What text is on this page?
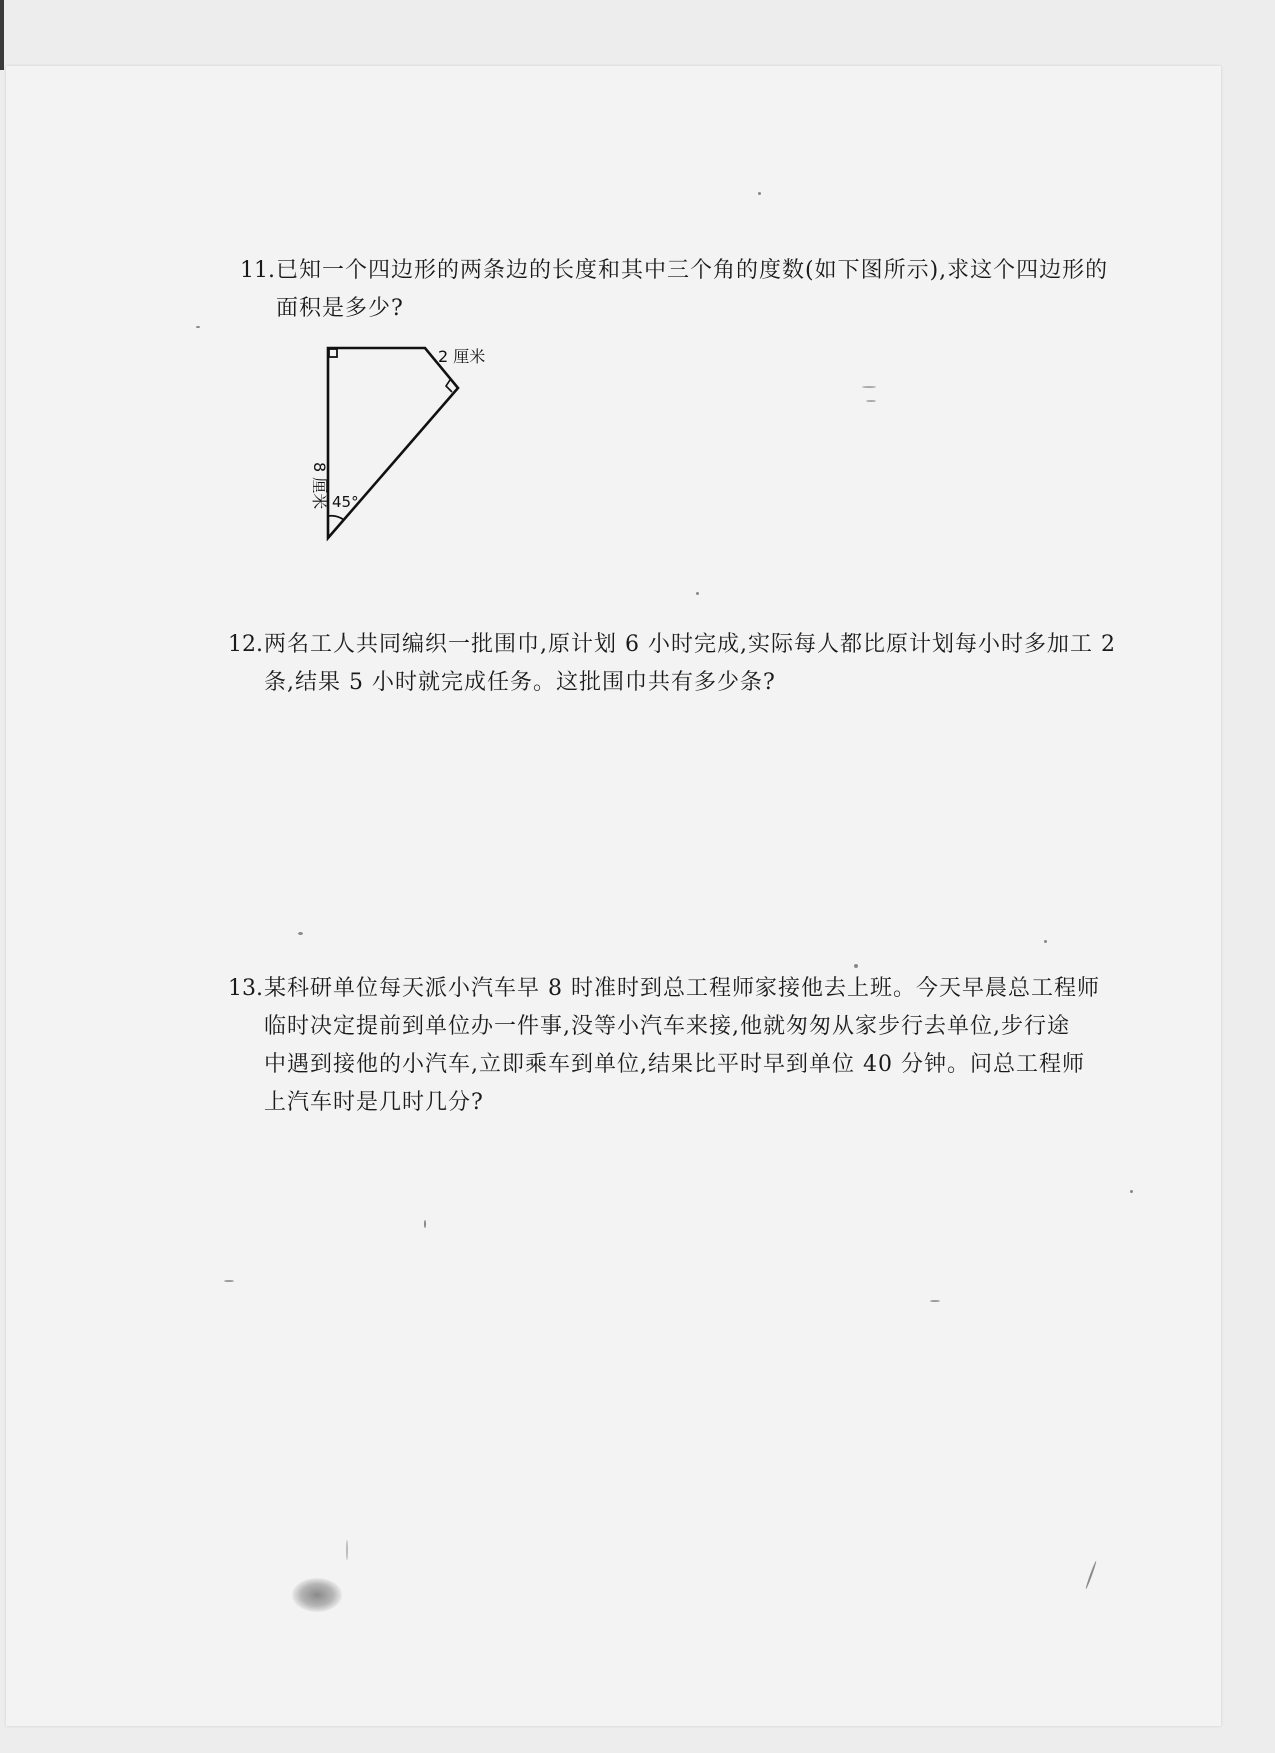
11. 已知一个四边形的两条边的长度和其中三个角的度数(如下图所示),求这个四边形的
面积是多少?
8 厘米
2 厘米
45°
12. 两名工人共同编织一批围巾,原计划 6 小时完成,实际每人都比原计划每小时多加工 2
条,结果 5 小时就完成任务。这批围巾共有多少条?
13. 某科研单位每天派小汽车早 8 时准时到总工程师家接他去上班。今天早晨总工程师
临时决定提前到单位办一件事,没等小汽车来接,他就匆匆从家步行去单位,步行途
中遇到接他的小汽车,立即乘车到单位,结果比平时早到单位 40 分钟。问总工程师
上汽车时是几时几分?
